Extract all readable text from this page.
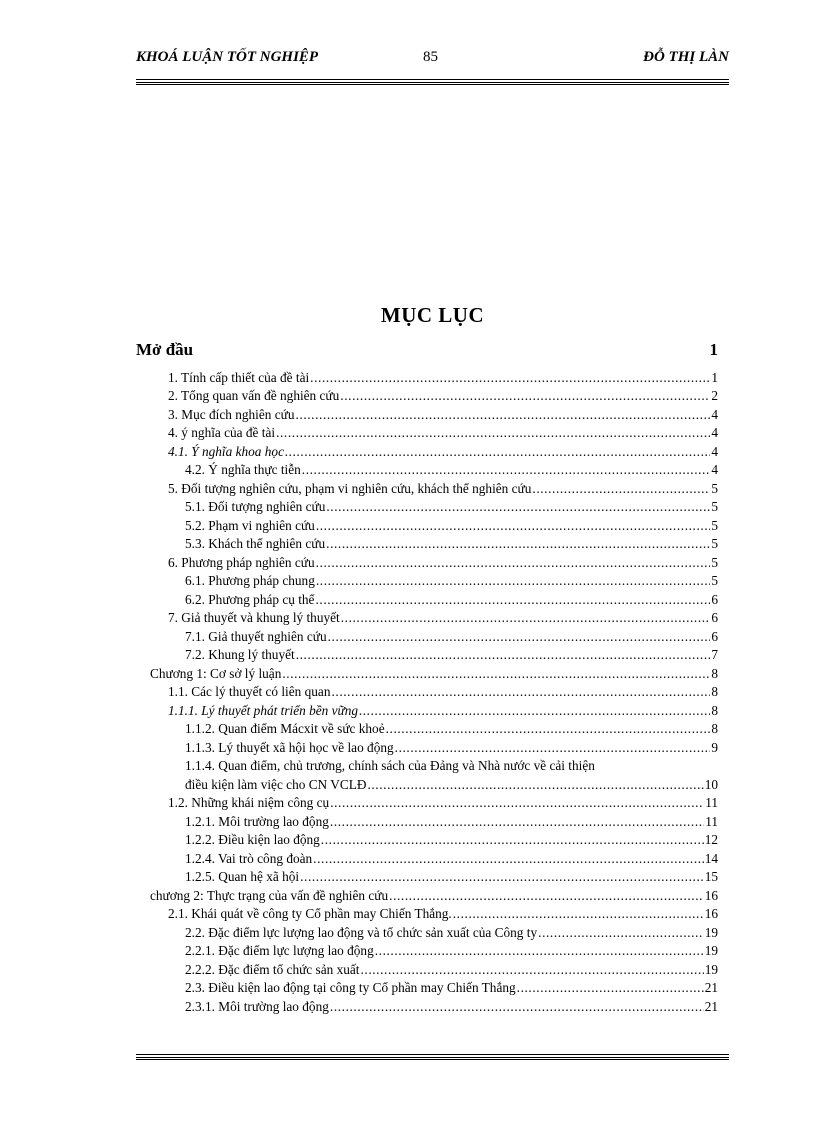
KHOÁ LUẬN TỐT NGHIỆP	85	ĐỖ THỊ LÀN
MỤC LỤC
Mở đầu	1
1. Tính cấp thiết của đề tài .....	1
2. Tổng quan vấn đề nghiên cứu .....	2
3. Mục đích nghiên cứu .....	4
4. ý nghĩa của đề tài .....	4
4.1. Ý nghĩa khoa học .....	4
4.2. Ý nghĩa thực tiễn .....	4
5. Đối tượng nghiên cứu, phạm vi nghiên cứu, khách thể nghiên cứu .....	5
5.1. Đối tượng nghiên cứu .....	5
5.2. Phạm vi nghiên cứu .....	5
5.3. Khách thể nghiên cứu .....	5
6. Phương pháp nghiên cứu .....	5
6.1. Phương pháp chung .....	5
6.2. Phương pháp cụ thể .....	6
7. Giả thuyết và khung lý thuyết .....	6
7.1. Giả thuyết nghiên cứu .....	6
7.2. Khung lý thuyết .....	7
Chương 1: Cơ sở lý luận .....	8
1.1. Các lý thuyết có liên quan .....	8
1.1.1. Lý thuyết phát triển bền vững .....	8
1.1.2. Quan điểm Mácxit về sức khoẻ .....	8
1.1.3. Lý thuyết xã hội học về lao động .....	9
1.1.4. Quan điểm, chủ trương, chính sách của Đảng và Nhà nước về cải thiện
điều kiện làm việc cho CN VCLĐ .....	10
1.2. Những khái niệm công cụ .....	11
1.2.1. Môi trường lao động .....	11
1.2.2. Điều kiện lao động .....	12
1.2.4. Vai trò công đoàn .....	14
1.2.5. Quan hệ xã hội .....	15
chương 2: Thực trạng của vấn đề nghiên cứu .....	16
2.1. Khái quát về công ty Cổ phần may Chiến Thắng. .....	16
2.2. Đặc điểm lực lượng lao động và tổ chức sản xuất của Công ty .....	19
2.2.1. Đặc điểm lực lượng lao động .....	19
2.2.2. Đặc điểm tổ chức sản xuất .....	19
2.3. Điều kiện lao động tại công ty Cổ phần may Chiến Thắng .....	21
2.3.1. Môi trường lao động .....	21
